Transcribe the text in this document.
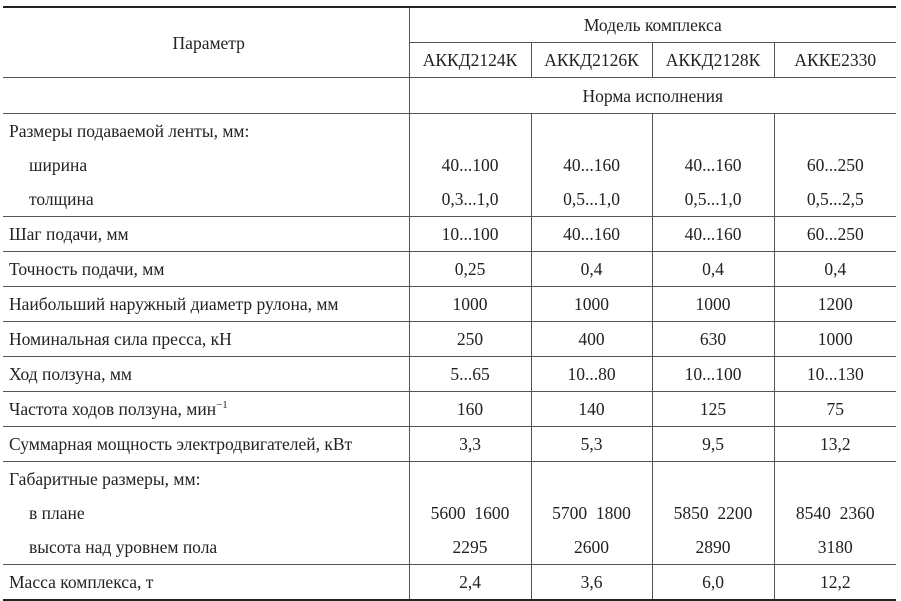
Параметр	Модель комплекса			
	АККД2124К	АККД2126К	АККД2128К	АККЕ2330
	Норма исполнения			
Размеры подаваемой ленты, мм:				
ширина	40...100	40...160	40...160	60...250
толщина	0,3...1,0	0,5...1,0	0,5...1,0	0,5...2,5
Шаг подачи, мм	10...100	40...160	40...160	60...250
Точность подачи, мм	0,25	0,4	0,4	0,4
Наибольший наружный диаметр рулона, мм	1000	1000	1000	1200
Номинальная сила пресса, кН	250	400	630	1000
Ход ползуна, мм	5...65	10...80	10...100	10...130
Частота ходов ползуна, мин$^{-1}$	160	140	125	75
Суммарная мощность электродвигателей, кВт	3,3	5,3	9,5	13,2
Габаритные размеры, мм:				
в плане	5600  1600	5700  1800	5850  2200	8540  2360
высота над уровнем пола	2295	2600	2890	3180
Масса комплекса, т	2,4	3,6	6,0	12,2
